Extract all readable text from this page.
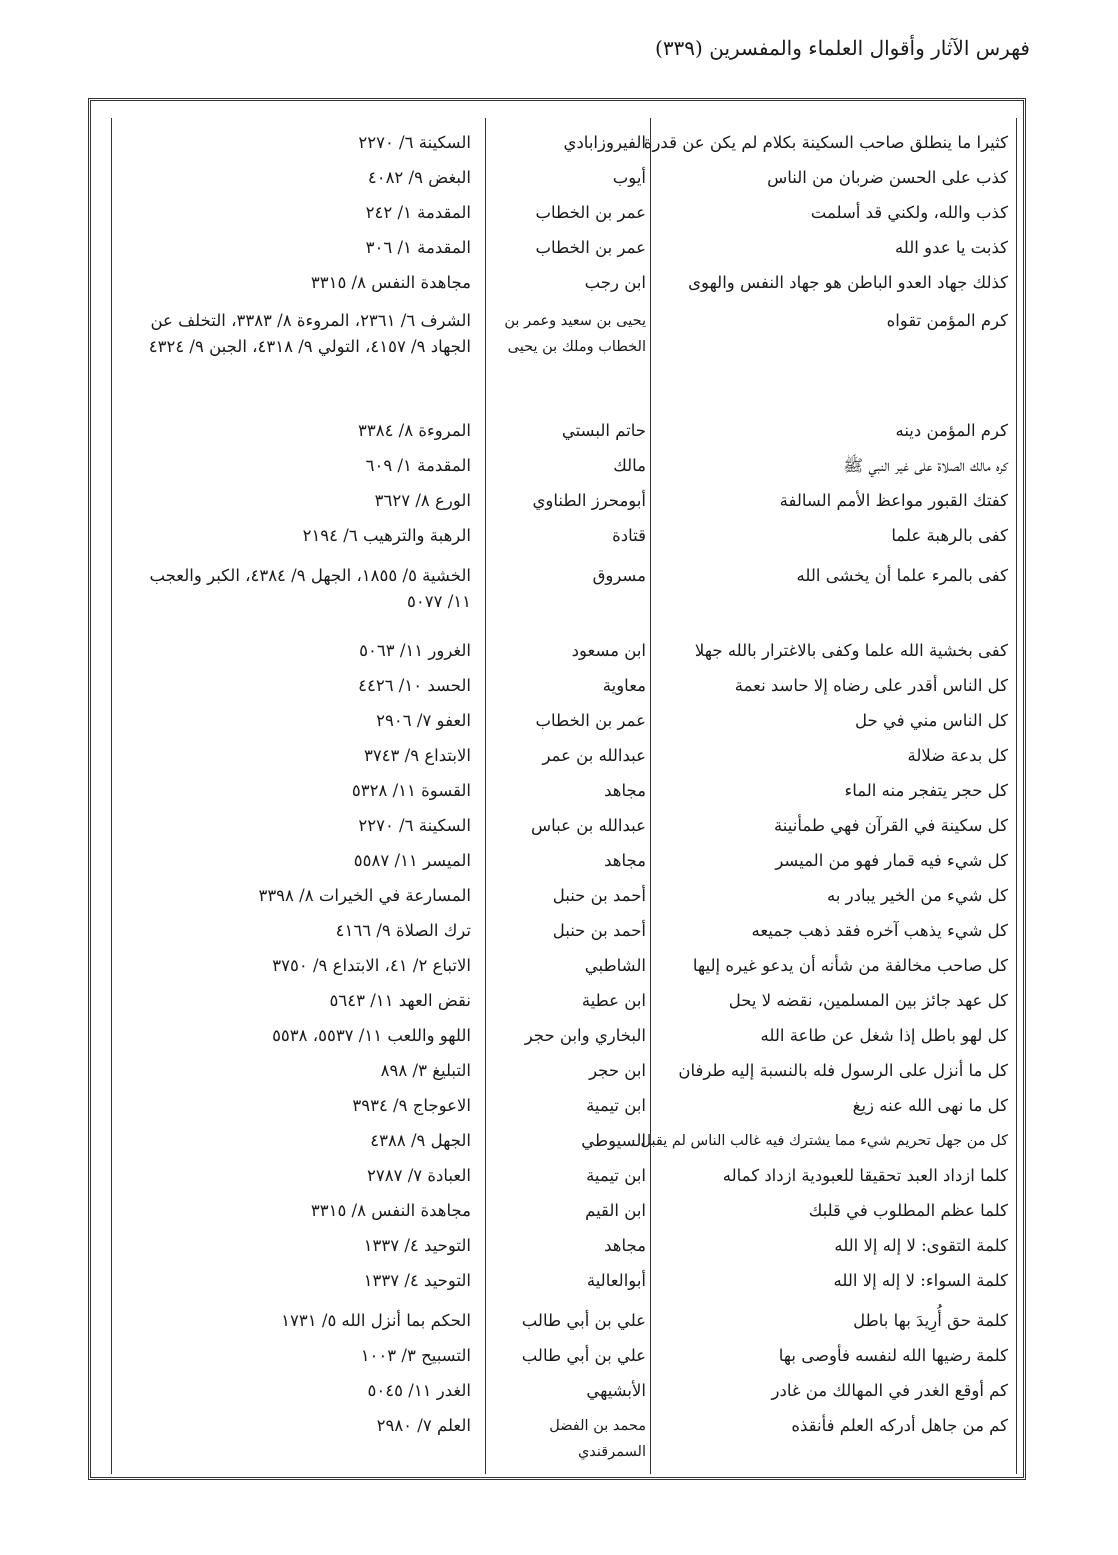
فهرس الآثار وأقوال العلماء والمفسرين (٣٣٩)
كثيرا ما ينطلق صاحب السكينة بكلام لم يكن عن قدرة
الفيروزابادي
السكينة ٦/ ٢٢٧٠
كذب على الحسن ضربان من الناس
أيوب
البغض ٩/ ٤٠٨٢
كذب والله، ولكني قد أسلمت
عمر بن الخطاب
المقدمة ١/ ٢٤٢
كذبت يا عدو الله
عمر بن الخطاب
المقدمة ١/ ٣٠٦
كذلك جهاد العدو الباطن هو جهاد النفس والهوى
ابن رجب
مجاهدة النفس ٨/ ٣٣١٥
كرم المؤمن تقواه
يحيى بن سعيد وعمر بن الخطاب وملك بن يحيى
الشرف ٦/ ٢٣٦١، المروءة ٨/ ٣٣٨٣، التخلف عن الجهاد ٩/ ٤١٥٧، التولي ٩/ ٤٣١٨، الجبن ٩/ ٤٣٢٤
كرم المؤمن دينه
حاتم البستي
المروءة ٨/ ٣٣٨٤
كره مالك الصلاة على غير النبي ﷺ
مالك
المقدمة ١/ ٦٠٩
كفتك القبور مواعظ الأمم السالفة
أبومحرز الطناوي
الورع ٨/ ٣٦٢٧
كفى بالرهبة علما
قتادة
الرهبة والترهيب ٦/ ٢١٩٤
كفى بالمرء علما أن يخشى الله
مسروق
الخشية ٥/ ١٨٥٥، الجهل ٩/ ٤٣٨٤، الكبر والعجب ١١/ ٥٠٧٧
كفى بخشية الله علما وكفى بالاغترار بالله جهلا
ابن مسعود
الغرور ١١/ ٥٠٦٣
كل الناس أقدر على رضاه إلا حاسد نعمة
معاوية
الحسد ١٠/ ٤٤٢٦
كل الناس مني في حل
عمر بن الخطاب
العفو ٧/ ٢٩٠٦
كل بدعة ضلالة
عبدالله بن عمر
الابتداع ٩/ ٣٧٤٣
كل حجر يتفجر منه الماء
مجاهد
القسوة ١١/ ٥٣٢٨
كل سكينة في القرآن فهي طمأنينة
عبدالله بن عباس
السكينة ٦/ ٢٢٧٠
كل شيء فيه قمار فهو من الميسر
مجاهد
الميسر ١١/ ٥٥٨٧
كل شيء من الخير يبادر به
أحمد بن حنبل
المسارعة في الخيرات ٨/ ٣٣٩٨
كل شيء يذهب آخره فقد ذهب جميعه
أحمد بن حنبل
ترك الصلاة ٩/ ٤١٦٦
كل صاحب مخالفة من شأنه أن يدعو غيره إليها
الشاطبي
الاتباع ٢/ ٤١، الابتداع ٩/ ٣٧٥٠
كل عهد جائز بين المسلمين، نقضه لا يحل
ابن عطية
نقض العهد ١١/ ٥٦٤٣
كل لهو باطل إذا شغل عن طاعة الله
البخاري وابن حجر
اللهو واللعب ١١/ ٥٥٣٧، ٥٥٣٨
كل ما أنزل على الرسول فله بالنسبة إليه طرفان
ابن حجر
التبليغ ٣/ ٨٩٨
كل ما نهى الله عنه زيغ
ابن تيمية
الاعوجاج ٩/ ٣٩٣٤
كل من جهل تحريم شيء مما يشترك فيه غالب الناس لم يقبل
السيوطي
الجهل ٩/ ٤٣٨٨
كلما ازداد العبد تحقيقا للعبودية ازداد كماله
ابن تيمية
العبادة ٧/ ٢٧٨٧
كلما عظم المطلوب في قلبك
ابن القيم
مجاهدة النفس ٨/ ٣٣١٥
كلمة التقوى: لا إله إلا الله
مجاهد
التوحيد ٤/ ١٣٣٧
كلمة السواء: لا إله إلا الله
أبوالعالية
التوحيد ٤/ ١٣٣٧
كلمة حق أُرِيدَ بها باطل
علي بن أبي طالب
الحكم بما أنزل الله ٥/ ١٧٣١
كلمة رضيها الله لنفسه فأوصى بها
علي بن أبي طالب
التسبيح ٣/ ١٠٠٣
كم أوقع الغدر في المهالك من غادر
الأبشيهي
الغدر ١١/ ٥٠٤٥
كم من جاهل أدركه العلم فأنقذه
محمد بن الفضل السمرقندي
العلم ٧/ ٢٩٨٠
